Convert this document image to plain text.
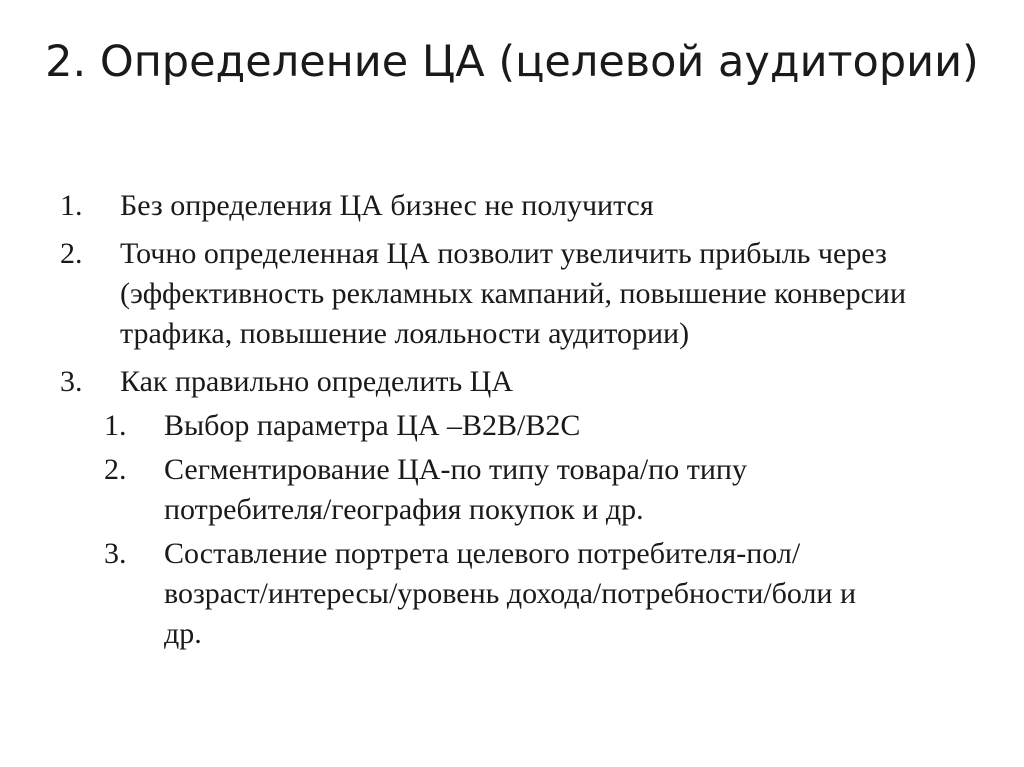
2. Определение ЦА (целевой аудитории)
1. Без определения ЦА бизнес не получится
2. Точно определенная ЦА позволит увеличить прибыль через (эффективность рекламных кампаний, повышение конверсии трафика, повышение лояльности аудитории)
3. Как правильно определить ЦА
1. Выбор параметра ЦА –B2B/B2C
2. Сегментирование ЦА-по типу товара/по типу потребителя/география покупок и др.
3. Составление портрета целевого потребителя-пол/возраст/интересы/уровень дохода/потребности/боли и др.
